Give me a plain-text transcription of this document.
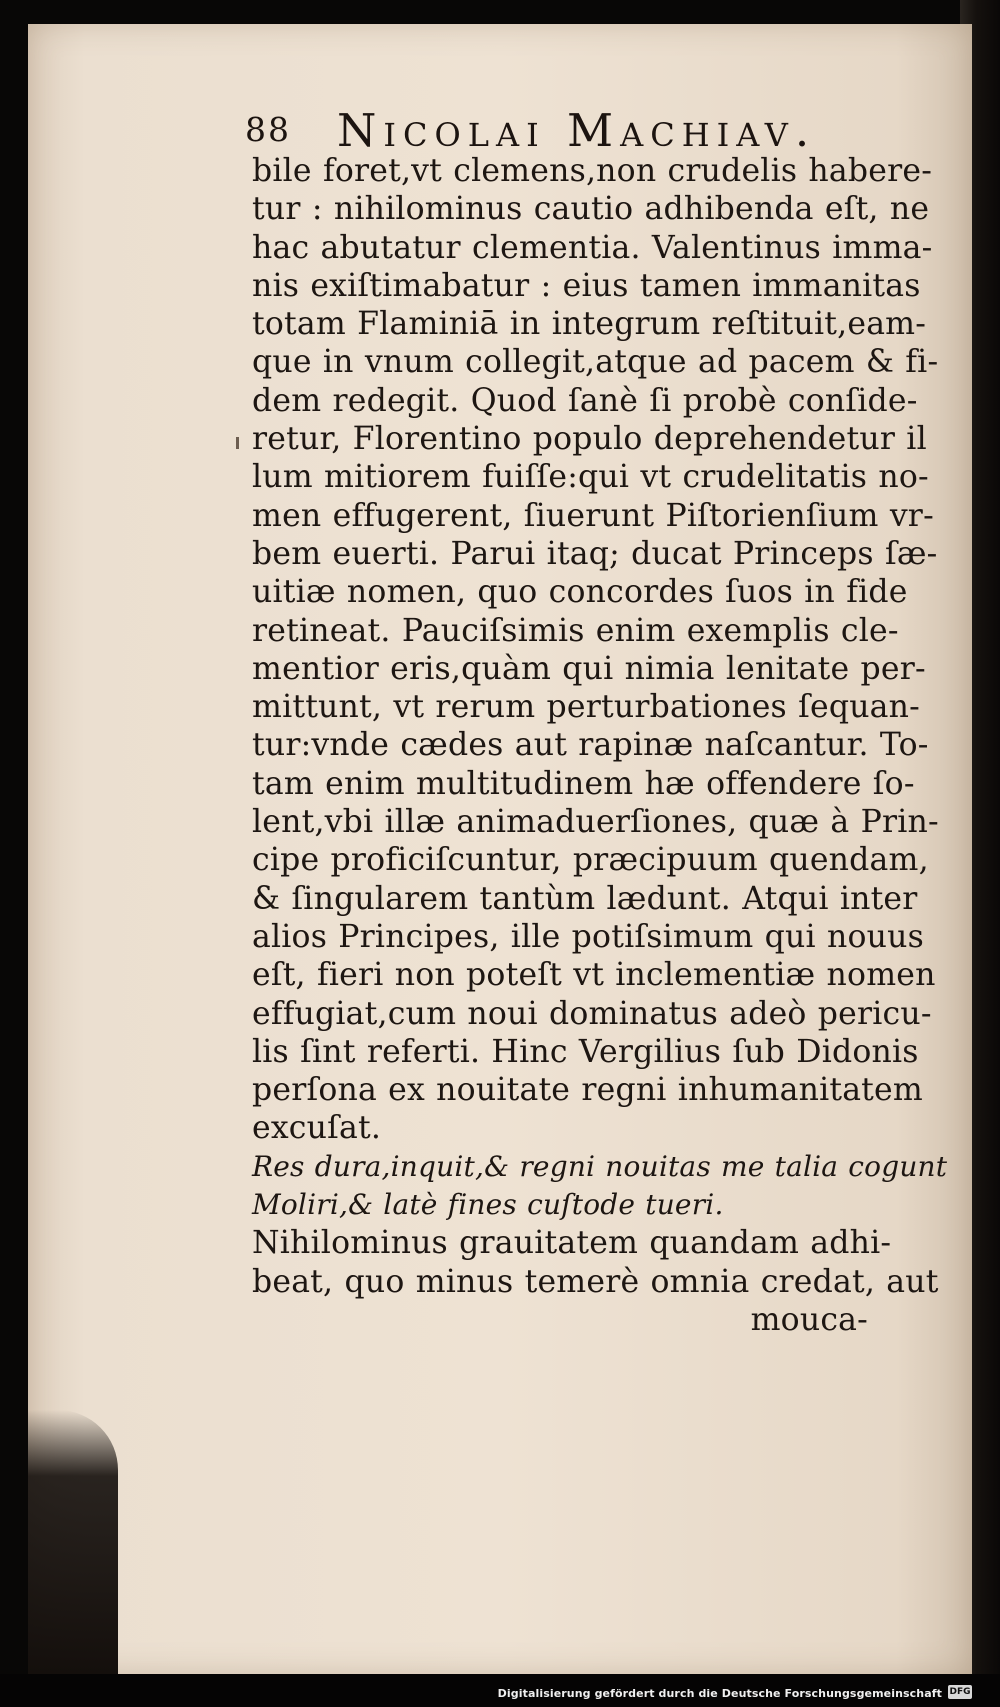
88 Nicolai Machiav.
bile foret,vt clemens,non crudelis habere-
tur : nihilominus cautio adhibenda eſt, ne
hac abutatur clementia. Valentinus imma-
nis exiſtimabatur : eius tamen immanitas
totam Flaminiā in integrum reſtituit,eam-
que in vnum collegit,atque ad pacem & fi-
dem redegit. Quod ſanè ſi probè conſide-
retur, Florentino populo deprehendetur il
lum mitiorem fuiſſe:qui vt crudelitatis no-
men effugerent, ſiuerunt Piſtorienſium vr-
bem euerti. Parui itaq; ducat Princeps ſæ-
uitiæ nomen, quo concordes ſuos in fide
retineat. Pauciſsimis enim exemplis cle-
mentior eris,quàm qui nimia lenitate per-
mittunt, vt rerum perturbationes ſequan-
tur:vnde cædes aut rapinæ naſcantur. To-
tam enim multitudinem hæ offendere ſo-
lent,vbi illæ animaduerſiones, quæ à Prin-
cipe proficiſcuntur, præcipuum quendam,
& ſingularem tantùm lædunt. Atqui inter
alios Principes, ille potiſsimum qui nouus
eſt, fieri non poteſt vt inclementiæ nomen
effugiat,cum noui dominatus adeò pericu-
lis ſint referti. Hinc Vergilius ſub Didonis
perſona ex nouitate regni inhumanitatem
excuſat.
Res dura,inquit,& regni nouitas me talia cogunt
Moliri,& latè fines cuſtode tueri.
Nihilominus grauitatem quandam adhi-
beat, quo minus temerè omnia credat, aut
mouca-
Digitalisierung gefördert durch die Deutsche Forschungsgemeinschaft DFG
